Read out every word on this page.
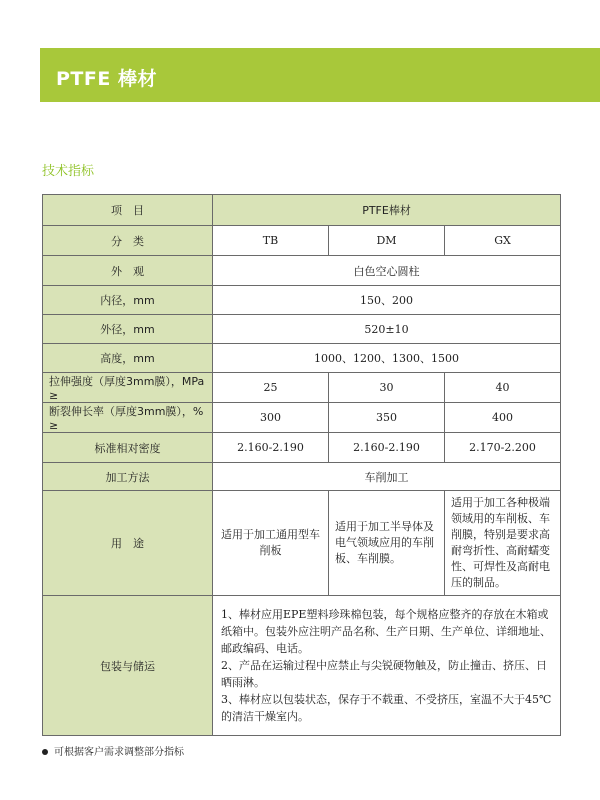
PTFE 棒材
技术指标
项　目	PTFE棒材		
分　类	TB	DM	GX
外　观	白色空心圆柱		
内径，mm	150、200		
外径，mm	520±10		
高度，mm	1000、1200、1300、1500		
拉伸强度（厚度3mm膜），MPa ≥	25	30	40
断裂伸长率（厚度3mm膜），% ≥	300	350	400
标准相对密度	2.160-2.190	2.160-2.190	2.170-2.200
加工方法	车削加工		
用　途	适用于加工通用型车削板	适用于加工半导体及电气领域应用的车削板、车削膜。	适用于加工各种极端领域用的车削板、车削膜，特别是要求高耐弯折性、高耐蠕变性、可焊性及高耐电压的制品。
包装与储运	1、棒材应用EPE塑料珍珠棉包装，每个规格应整齐的存放在木箱或纸箱中。包装外应注明产品名称、生产日期、生产单位、详细地址、邮政编码、电话。
2、产品在运输过程中应禁止与尖锐硬物触及，防止撞击、挤压、日晒雨淋。
3、棒材应以包装状态，保存于不载重、不受挤压，室温不大于45℃的清洁干燥室内。		
可根据客户需求调整部分指标
